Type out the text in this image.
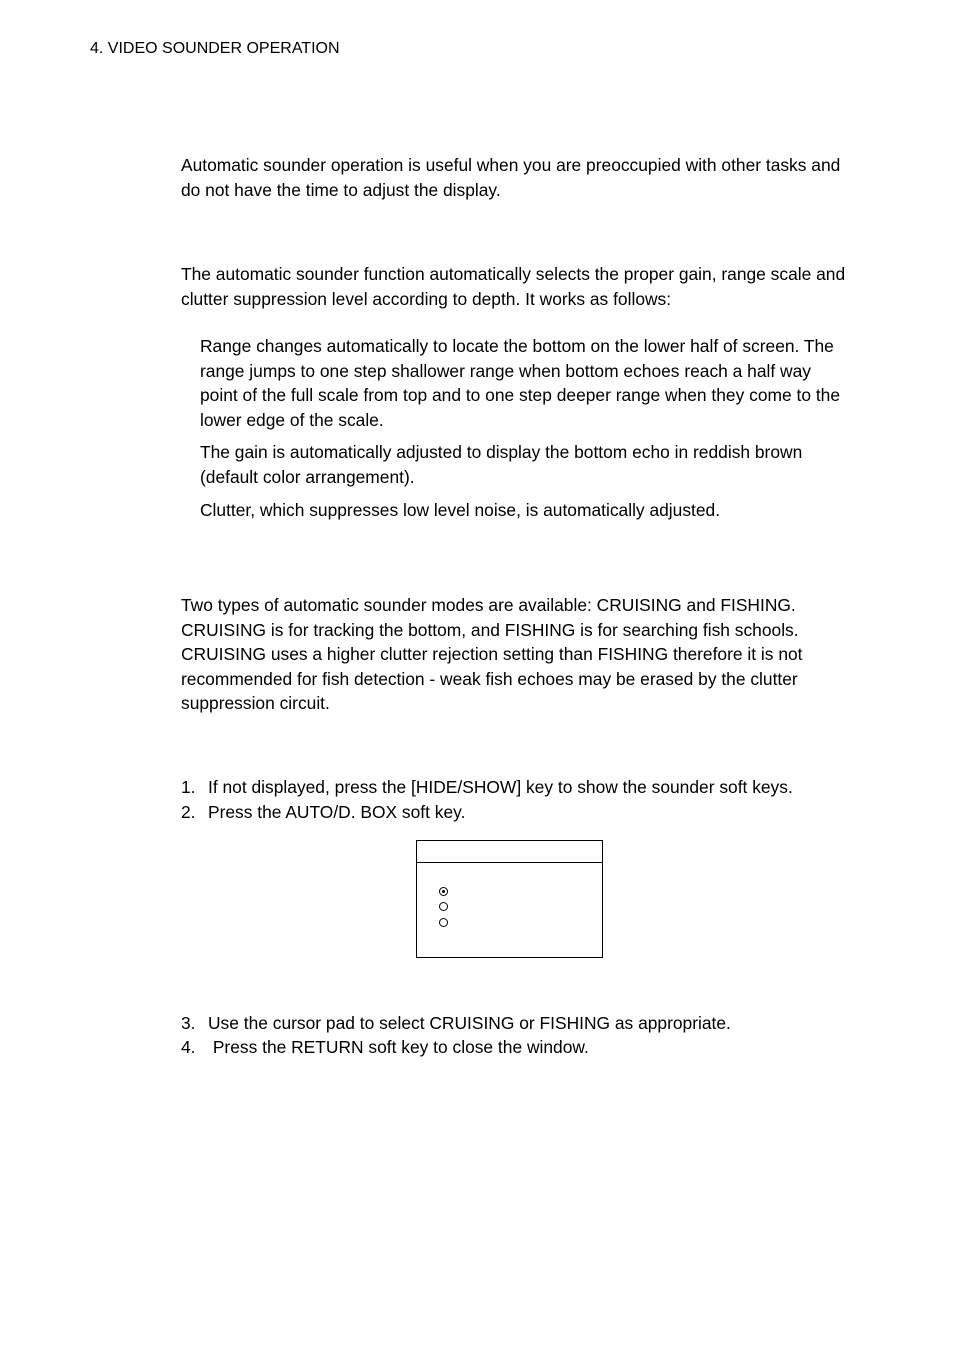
4. VIDEO SOUNDER OPERATION
Automatic sounder operation is useful when you are preoccupied with other tasks and do not have the time to adjust the display.
The automatic sounder function automatically selects the proper gain, range scale and clutter suppression level according to depth. It works as follows:
Range changes automatically to locate the bottom on the lower half of screen. The range jumps to one step shallower range when bottom echoes reach a half way point of the full scale from top and to one step deeper range when they come to the lower edge of the scale.
The gain is automatically adjusted to display the bottom echo in reddish brown (default color arrangement).
Clutter, which suppresses low level noise, is automatically adjusted.
Two types of automatic sounder modes are available: CRUISING and FISHING. CRUISING is for tracking the bottom, and FISHING is for searching fish schools. CRUISING uses a higher clutter rejection setting than FISHING therefore it is not recommended for fish detection - weak fish echoes may be erased by the clutter suppression circuit.
1. If not displayed, press the [HIDE/SHOW] key to show the sounder soft keys.
2. Press the AUTO/D. BOX soft key.
3. Use the cursor pad to select CRUISING or FISHING as appropriate.
4. Press the RETURN soft key to close the window.
